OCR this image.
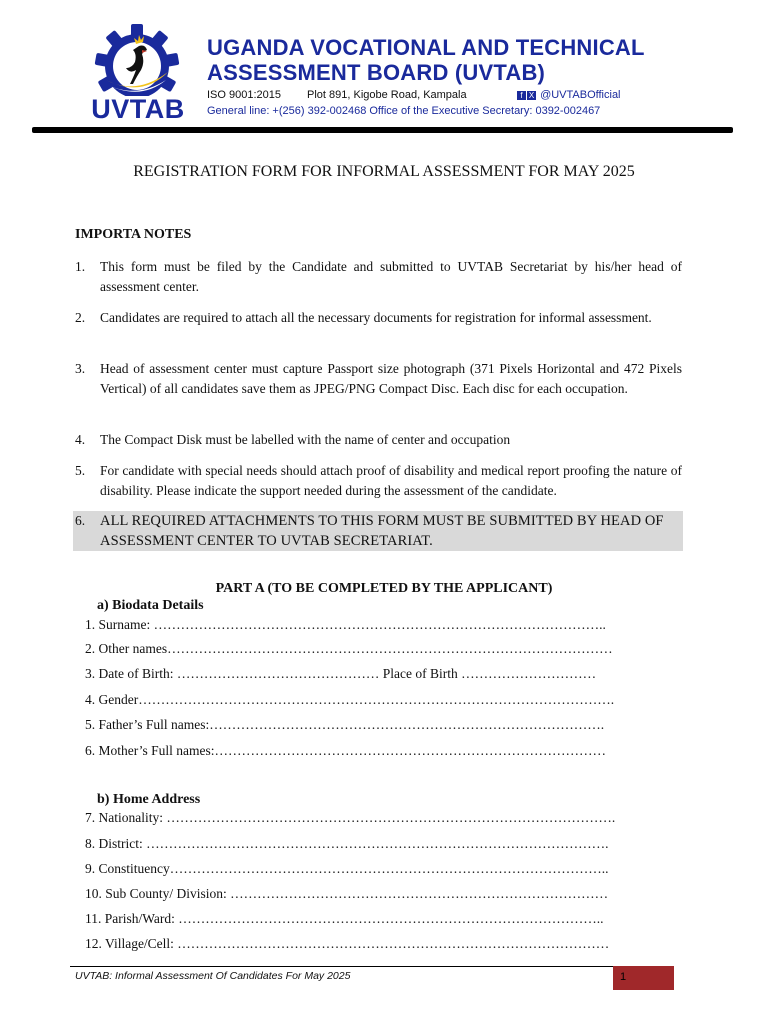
UVTAB
UGANDA VOCATIONAL AND TECHNICAL
ASSESSMENT BOARD (UVTAB)
ISO 9001:2015 Plot 891, Kigobe Road, Kampala	f X @UVTABOfficial
General line: +(256) 392-002468 Office of the Executive Secretary: 0392-002467
REGISTRATION FORM FOR INFORMAL ASSESSMENT FOR MAY 2025
IMPORTA NOTES
1. This form must be filed by the Candidate and submitted to UVTAB Secretariat by his/her head of assessment center.
2. Candidates are required to attach all the necessary documents for registration for informal assessment.
3. Head of assessment center must capture Passport size photograph (371 Pixels Horizontal and 472 Pixels Vertical) of all candidates save them as JPEG/PNG Compact Disc. Each disc for each occupation.
4. The Compact Disk must be labelled with the name of center and occupation
5. For candidate with special needs should attach proof of disability and medical report proofing the nature of disability. Please indicate the support needed during the assessment of the candidate.
6. ALL REQUIRED ATTACHMENTS TO THIS FORM MUST BE SUBMITTED BY HEAD OF ASSESSMENT CENTER TO UVTAB SECRETARIAT.
PART A (TO BE COMPLETED BY THE APPLICANT)
a) Biodata Details
1. Surname: ………………………………………………………………………………………..
2. Other names………………………………………………………………………………………
3. Date of Birth: ……………………………………… Place of Birth …………………………
4. Gender…………………………………………………………………………………………….
5. Father’s Full names:…………………………………………………………………………….
6. Mother’s Full names:……………………………………………………………………………
b) Home Address
7. Nationality: ……………………………………………………………………………………….
8. District: ………………………………………………………………………………………….
9. Constituency……………………………………………………………………………………..
10. Sub County/ Division: …………………………………………………………………………
11. Parish/Ward: …………………………………………………………………………………..
12. Village/Cell: ……………………………………………………………………………………
UVTAB: Informal Assessment Of Candidates For May 2025	1
